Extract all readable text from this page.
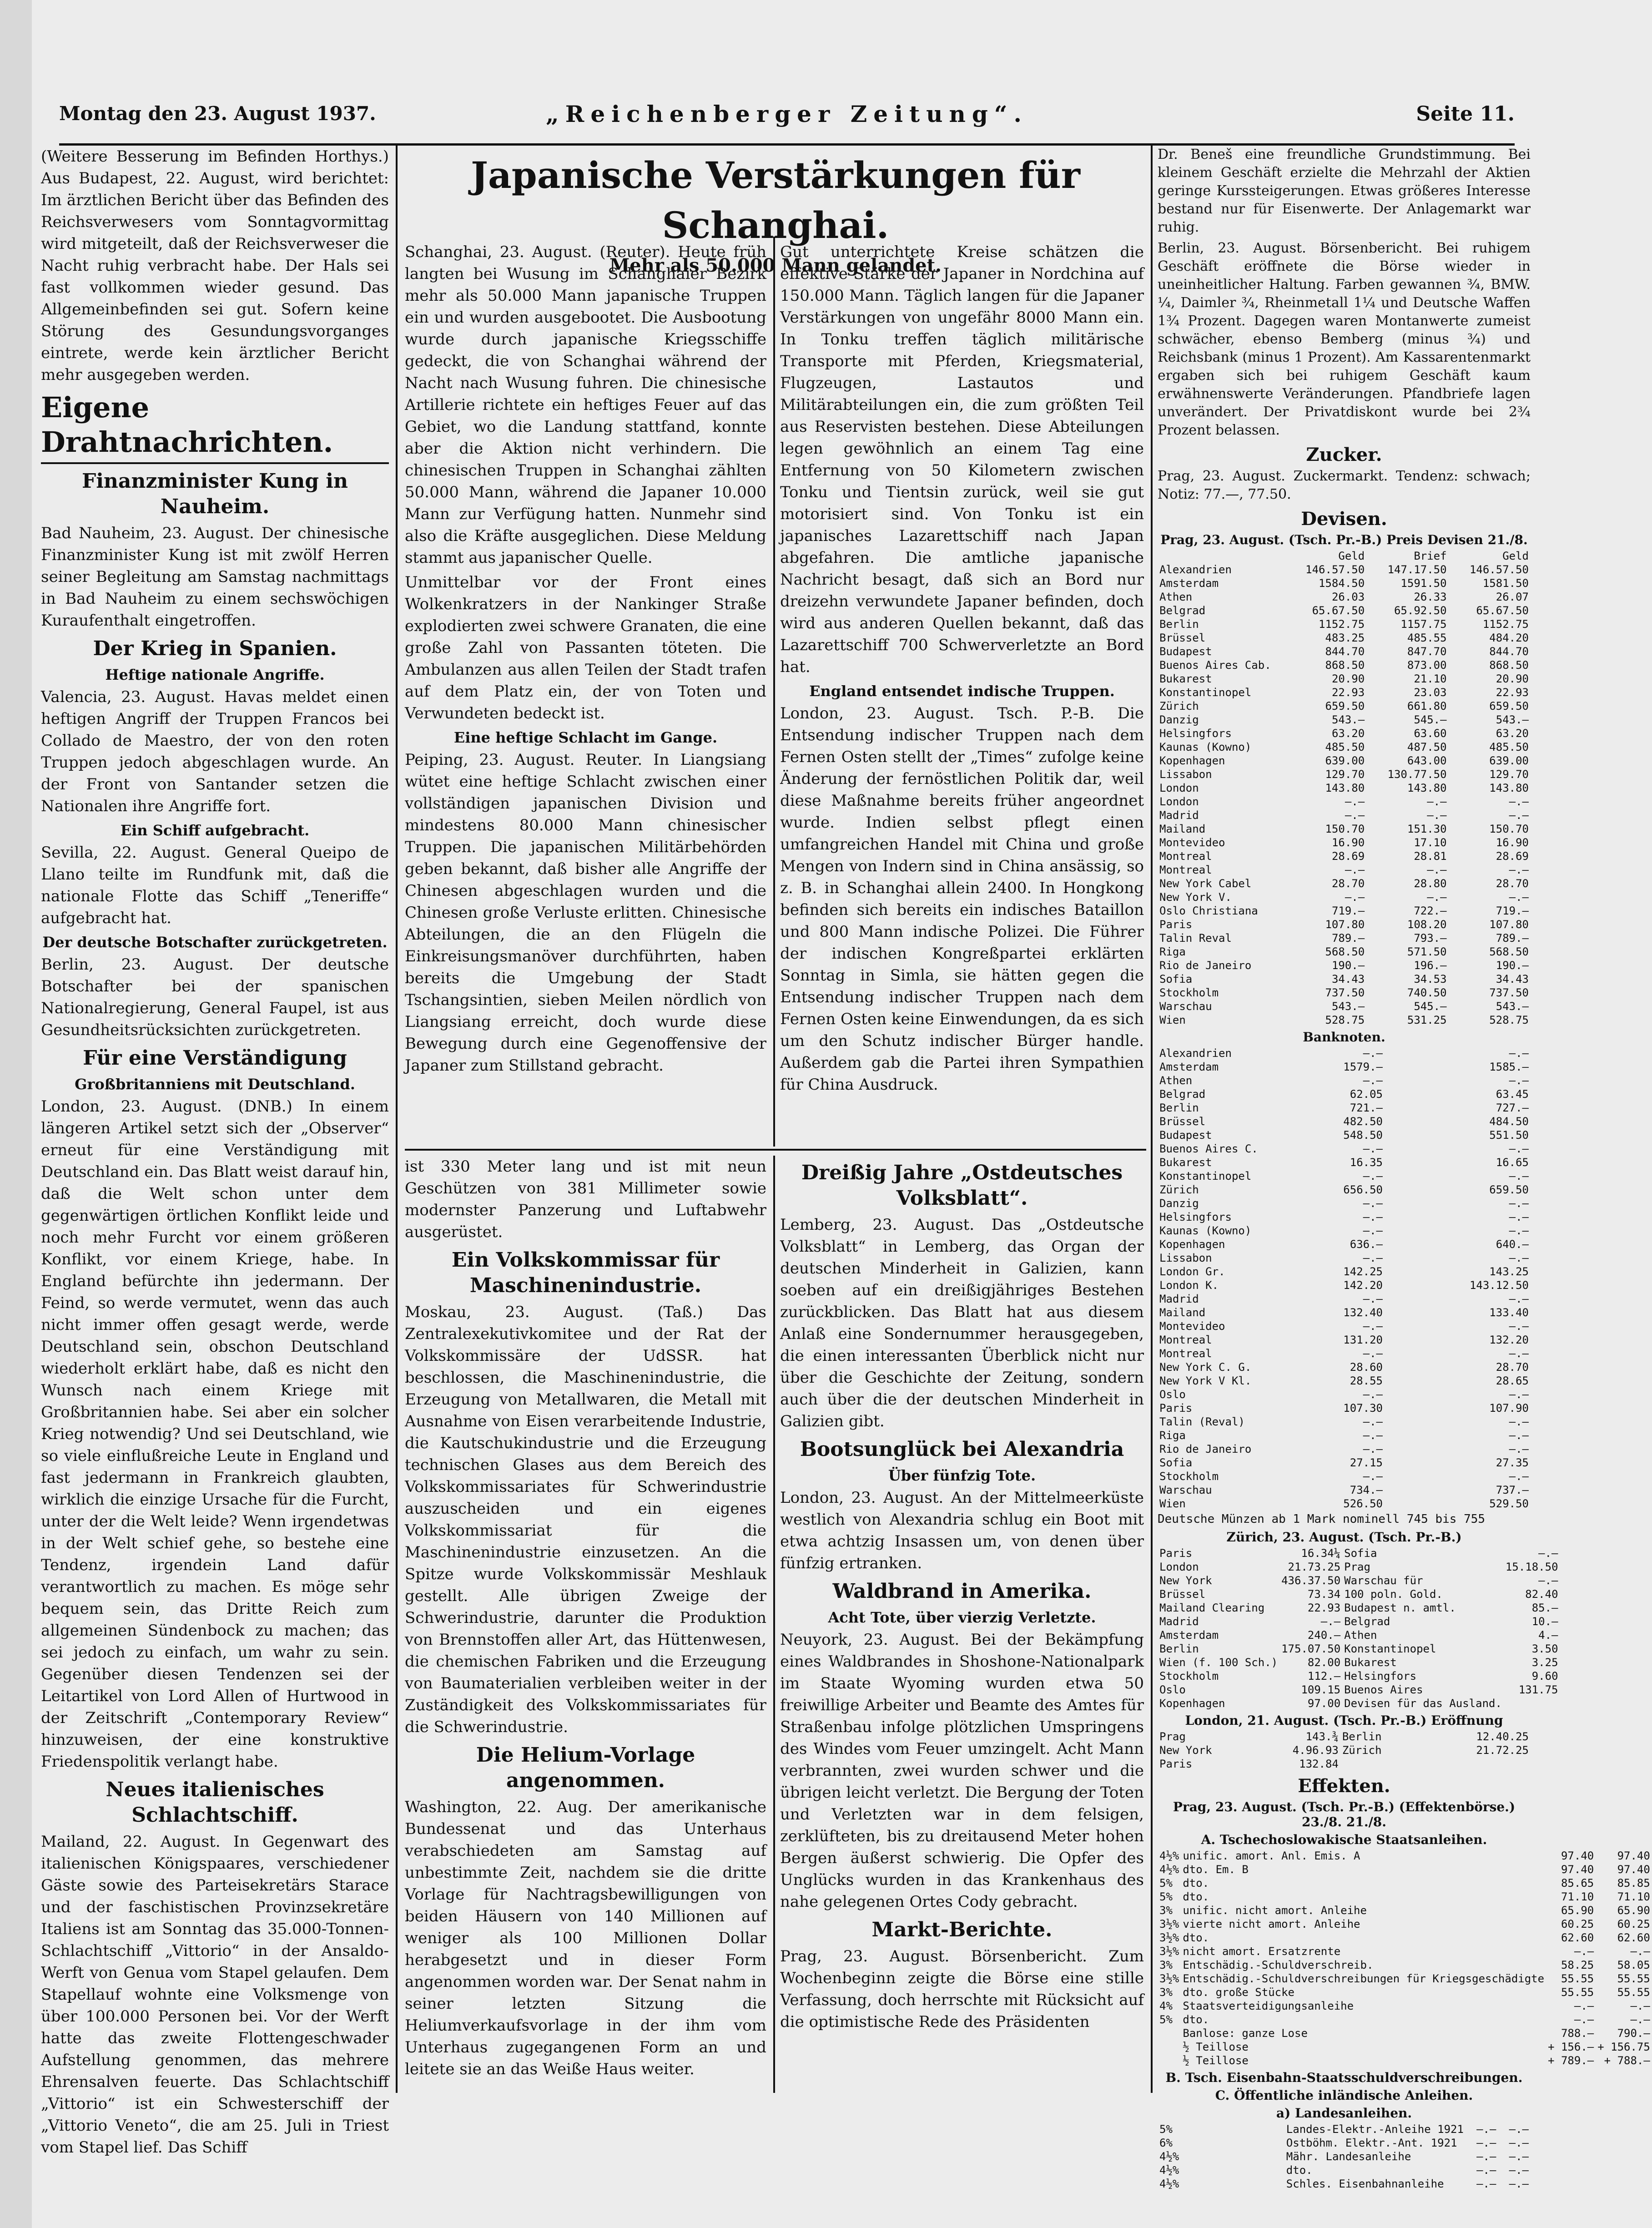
Montag den 23. August 1937.	„Reichenberger Zeitung“.	Seite 11.

(Weitere Besserung im Befinden Horthys.) Aus Budapest, 22. August, wird berichtet: Im ärztlichen Bericht über das Befinden des Reichsverwesers vom Sonntagvormittag wird mitgeteilt, daß der Reichsverweser die Nacht ruhig verbracht habe. Der Hals sei fast vollkommen wieder gesund. Das Allgemeinbefinden sei gut. Sofern keine Störung des Gesundungsvorganges eintrete, werde kein ärztlicher Bericht mehr ausgegeben werden.

Eigene Drahtnachrichten.
Finanzminister Kung in Nauheim.

Bad Nauheim, 23. August. Der chinesische Finanzminister Kung ist mit zwölf Herren seiner Begleitung am Samstag nachmittags in Bad Nauheim zu einem sechswöchigen Kuraufenthalt eingetroffen.

Der Krieg in Spanien.
Heftige nationale Angriffe.

Valencia, 23. August. Havas meldet einen heftigen Angriff der Truppen Francos bei Collado de Maestro, der von den roten Truppen jedoch abgeschlagen wurde. An der Front von Santander setzen die Nationalen ihre Angriffe fort.

Ein Schiff aufgebracht.

Sevilla, 22. August. General Queipo de Llano teilte im Rundfunk mit, daß die nationale Flotte das Schiff „Teneriffe“ aufgebracht hat.

Der deutsche Botschafter zurückgetreten.

Berlin, 23. August. Der deutsche Botschafter bei der spanischen Nationalregierung, General Faupel, ist aus Gesundheitsrücksichten zurückgetreten.

Für eine Verständigung
Großbritanniens mit Deutschland.

London, 23. August. (DNB.) In einem längeren Artikel setzt sich der „Observer“ erneut für eine Verständigung mit Deutschland ein. Das Blatt weist darauf hin, daß die Welt schon unter dem gegenwärtigen örtlichen Konflikt leide und noch mehr Furcht vor einem größeren Konflikt, vor einem Kriege, habe. In England befürchte ihn jedermann. Der Feind, so werde vermutet, wenn das auch nicht immer offen gesagt werde, werde Deutschland sein, obschon Deutschland wiederholt erklärt habe, daß es nicht den Wunsch nach einem Kriege mit Großbritannien habe. Sei aber ein solcher Krieg notwendig? Und sei Deutschland, wie so viele einflußreiche Leute in England und fast jedermann in Frankreich glaubten, wirklich die einzige Ursache für die Furcht, unter der die Welt leide? Wenn irgendetwas in der Welt schief gehe, so bestehe eine Tendenz, irgendein Land dafür verantwortlich zu machen. Es möge sehr bequem sein, das Dritte Reich zum allgemeinen Sündenbock zu machen; das sei jedoch zu einfach, um wahr zu sein. Gegenüber diesen Tendenzen sei der Leitartikel von Lord Allen of Hurtwood in der Zeitschrift „Contemporary Review“ hinzuweisen, der eine konstruktive Friedenspolitik verlangt habe.

Neues italienisches Schlachtschiff.

Mailand, 22. August. In Gegenwart des italienischen Königspaares, verschiedener Gäste sowie des Parteisekretärs Starace und der faschistischen Provinzsekretäre Italiens ist am Sonntag das 35.000-Tonnen-Schlachtschiff „Vittorio“ in der Ansaldo-Werft von Genua vom Stapel gelaufen. Dem Stapellauf wohnte eine Volksmenge von über 100.000 Personen bei. Vor der Werft hatte das zweite Flottengeschwader Aufstellung genommen, das mehrere Ehrensalven feuerte. Das Schlachtschiff „Vittorio“ ist ein Schwesterschiff der „Vittorio Veneto“, die am 25. Juli in Triest vom Stapel lief. Das Schiff

Japanische Verstärkungen für Schanghai.
Mehr als 50.000 Mann gelandet.

Schanghai, 23. August. (Reuter). Heute früh langten bei Wusung im Schanghaier Bezirk mehr als 50.000 Mann japanische Truppen ein und wurden ausgebootet. Die Ausbootung wurde durch japanische Kriegsschiffe gedeckt, die von Schanghai während der Nacht nach Wusung fuhren. Die chinesische Artillerie richtete ein heftiges Feuer auf das Gebiet, wo die Landung stattfand, konnte aber die Aktion nicht verhindern. Die chinesischen Truppen in Schanghai zählten 50.000 Mann, während die Japaner 10.000 Mann zur Verfügung hatten. Nunmehr sind also die Kräfte ausgeglichen. Diese Meldung stammt aus japanischer Quelle.

Unmittelbar vor der Front eines Wolkenkratzers in der Nankinger Straße explodierten zwei schwere Granaten, die eine große Zahl von Passanten töteten. Die Ambulanzen aus allen Teilen der Stadt trafen auf dem Platz ein, der von Toten und Verwundeten bedeckt ist.

Eine heftige Schlacht im Gange.

Peiping, 23. August. Reuter. In Liangsiang wütet eine heftige Schlacht zwischen einer vollständigen japanischen Division und mindestens 80.000 Mann chinesischer Truppen. Die japanischen Militärbehörden geben bekannt, daß bisher alle Angriffe der Chinesen abgeschlagen wurden und die Chinesen große Verluste erlitten. Chinesische Abteilungen, die an den Flügeln die Einkreisungsmanöver durchführten, haben bereits die Umgebung der Stadt Tschangsintien, sieben Meilen nördlich von Liangsiang erreicht, doch wurde diese Bewegung durch eine Gegenoffensive der Japaner zum Stillstand gebracht.

Gut unterrichtete Kreise schätzen die effektive Stärke der Japaner in Nordchina auf 150.000 Mann. Täglich langen für die Japaner Verstärkungen von ungefähr 8000 Mann ein. In Tonku treffen täglich militärische Transporte mit Pferden, Kriegsmaterial, Flugzeugen, Lastautos und Militärabteilungen ein, die zum größten Teil aus Reservisten bestehen. Diese Abteilungen legen gewöhnlich an einem Tag eine Entfernung von 50 Kilometern zwischen Tonku und Tientsin zurück, weil sie gut motorisiert sind. Von Tonku ist ein japanisches Lazarettschiff nach Japan abgefahren. Die amtliche japanische Nachricht besagt, daß sich an Bord nur dreizehn verwundete Japaner befinden, doch wird aus anderen Quellen bekannt, daß das Lazarettschiff 700 Schwerverletzte an Bord hat.

England entsendet indische Truppen.

London, 23. August. Tsch. P.-B. Die Entsendung indischer Truppen nach dem Fernen Osten stellt der „Times“ zufolge keine Änderung der fernöstlichen Politik dar, weil diese Maßnahme bereits früher angeordnet wurde. Indien selbst pflegt einen umfangreichen Handel mit China und große Mengen von Indern sind in China ansässig, so z. B. in Schanghai allein 2400. In Hongkong befinden sich bereits ein indisches Bataillon und 800 Mann indische Polizei. Die Führer der indischen Kongreßpartei erklärten Sonntag in Simla, sie hätten gegen die Entsendung indischer Truppen nach dem Fernen Osten keine Einwendungen, da es sich um den Schutz indischer Bürger handle. Außerdem gab die Partei ihren Sympathien für China Ausdruck.

ist 330 Meter lang und ist mit neun Geschützen von 381 Millimeter sowie modernster Panzerung und Luftabwehr ausgerüstet.

Ein Volkskommissar für Maschinenindustrie.

Moskau, 23. August. (Taß.) Das Zentralexekutivkomitee und der Rat der Volkskommissäre der UdSSR. hat beschlossen, die Maschinenindustrie, die Erzeugung von Metallwaren, die Metall mit Ausnahme von Eisen verarbeitende Industrie, die Kautschukindustrie und die Erzeugung technischen Glases aus dem Bereich des Volkskommissariates für Schwerindustrie auszuscheiden und ein eigenes Volkskommissariat für die Maschinenindustrie einzusetzen. An die Spitze wurde Volkskommissär Meshlauk gestellt. Alle übrigen Zweige der Schwerindustrie, darunter die Produktion von Brennstoffen aller Art, das Hüttenwesen, die chemischen Fabriken und die Erzeugung von Baumaterialien verbleiben weiter in der Zuständigkeit des Volkskommissariates für die Schwerindustrie.

Die Helium-Vorlage angenommen.

Washington, 22. Aug. Der amerikanische Bundessenat und das Unterhaus verabschiedeten am Samstag auf unbestimmte Zeit, nachdem sie die dritte Vorlage für Nachtragsbewilligungen von beiden Häusern von 140 Millionen auf weniger als 100 Millionen Dollar herabgesetzt und in dieser Form angenommen worden war. Der Senat nahm in seiner letzten Sitzung die Heliumverkaufsvorlage in der ihm vom Unterhaus zugegangenen Form an und leitete sie an das Weiße Haus weiter.

Dreißig Jahre „Ostdeutsches Volksblatt“.

Lemberg, 23. August. Das „Ostdeutsche Volksblatt“ in Lemberg, das Organ der deutschen Minderheit in Galizien, kann soeben auf ein dreißigjähriges Bestehen zurückblicken. Das Blatt hat aus diesem Anlaß eine Sondernummer herausgegeben, die einen interessanten Überblick nicht nur über die Geschichte der Zeitung, sondern auch über die der deutschen Minderheit in Galizien gibt.

Bootsunglück bei Alexandria
Über fünfzig Tote.

London, 23. August. An der Mittelmeerküste westlich von Alexandria schlug ein Boot mit etwa achtzig Insassen um, von denen über fünfzig ertranken.

Waldbrand in Amerika.
Acht Tote, über vierzig Verletzte.

Neuyork, 23. August. Bei der Bekämpfung eines Waldbrandes in Shoshone-Nationalpark im Staate Wyoming wurden etwa 50 freiwillige Arbeiter und Beamte des Amtes für Straßenbau infolge plötzlichen Umspringens des Windes vom Feuer umzingelt. Acht Mann verbrannten, zwei wurden schwer und die übrigen leicht verletzt. Die Bergung der Toten und Verletzten war in dem felsigen, zerklüfteten, bis zu dreitausend Meter hohen Bergen äußerst schwierig. Die Opfer des Unglücks wurden in das Krankenhaus des nahe gelegenen Ortes Cody gebracht.

Markt-Berichte.

Prag, 23. August. Börsenbericht. Zum Wochenbeginn zeigte die Börse eine stille Verfassung, doch herrschte mit Rücksicht auf die optimistische Rede des Präsidenten

Dr. Beneš eine freundliche Grundstimmung. Bei kleinem Geschäft erzielte die Mehrzahl der Aktien geringe Kurssteigerungen. Etwas größeres Interesse bestand nur für Eisenwerte. Der Anlagemarkt war ruhig.

Berlin, 23. August. Börsenbericht. Bei ruhigem Geschäft eröffnete die Börse wieder in uneinheitlicher Haltung. Farben gewannen ¾, BMW. ¼, Daimler ¾, Rheinmetall 1¼ und Deutsche Waffen 1¾ Prozent. Dagegen waren Montanwerte zumeist schwächer, ebenso Bemberg (minus ¾) und Reichsbank (minus 1 Prozent). Am Kassarentenmarkt ergaben sich bei ruhigem Geschäft kaum erwähnenswerte Veränderungen. Pfandbriefe lagen unverändert. Der Privatdiskont wurde bei 2¾ Prozent belassen.

Zucker.

Prag, 23. August. Zuckermarkt. Tendenz: schwach; Notiz: 77.—, 77.50.

Devisen.
Prag, 23. August. (Tsch. Pr.-B.) Preis Devisen 21./8.
	Geld	Brief	Geld
Alexandrien	146.57.50	147.17.50	146.57.50
Amsterdam	1584.50	1591.50	1581.50
Athen	26.03	26.33	26.07
Belgrad	65.67.50	65.92.50	65.67.50
Berlin	1152.75	1157.75	1152.75
Brüssel	483.25	485.55	484.20
Budapest	844.70	847.70	844.70
Buenos Aires Cab.	868.50	873.00	868.50
Bukarest	20.90	21.10	20.90
Konstantinopel	22.93	23.03	22.93
Zürich	659.50	661.80	659.50
Danzig	543.—	545.—	543.—
Helsingfors	63.20	63.60	63.20
Kaunas (Kowno)	485.50	487.50	485.50
Kopenhagen	639.00	643.00	639.00
Lissabon	129.70	130.77.50	129.70
London	143.80	143.80	143.80
London	—.—	—.—	—.—
Madrid	—.—	—.—	—.—
Mailand	150.70	151.30	150.70
Montevideo	16.90	17.10	16.90
Montreal	28.69	28.81	28.69
Montreal	—.—	—.—	—.—
New York Cabel	28.70	28.80	28.70
New York V.	—.—	—.—	—.—
Oslo Christiana	719.—	722.—	719.—
Paris	107.80	108.20	107.80
Talin Reval	789.—	793.—	789.—
Riga	568.50	571.50	568.50
Rio de Janeiro	190.—	196.—	190.—
Sofia	34.43	34.53	34.43
Stockholm	737.50	740.50	737.50
Warschau	543.—	545.—	543.—
Wien	528.75	531.25	528.75
Banknoten.
Alexandrien	—.—	—.—
Amsterdam	1579.—	1585.—
Athen	—.—	—.—
Belgrad	62.05	63.45
Berlin	721.—	727.—
Brüssel	482.50	484.50
Budapest	548.50	551.50
Buenos Aires C.	—.—	—.—
Bukarest	16.35	16.65
Konstantinopel	—.—	—.—
Zürich	656.50	659.50
Danzig	—.—	—.—
Helsingfors	—.—	—.—
Kaunas (Kowno)	—.—	—.—
Kopenhagen	636.—	640.—
Lissabon	—.—	—.—
London Gr.	142.25	143.25
London K.	142.20	143.12.50
Madrid	—.—	—.—
Mailand	132.40	133.40
Montevideo	—.—	—.—
Montreal	131.20	132.20
Montreal	—.—	—.—
New York C. G.	28.60	28.70
New York V Kl.	28.55	28.65
Oslo	—.—	—.—
Paris	107.30	107.90
Talin (Reval)	—.—	—.—
Riga	—.—	—.—
Rio de Janeiro	—.—	—.—
Sofia	27.15	27.35
Stockholm	—.—	—.—
Warschau	734.—	737.—
Wien	526.50	529.50
Deutsche Münzen ab 1 Mark nominell 745 bis 755
Zürich, 23. August. (Tsch. Pr.-B.)
Paris	16.34¼	Sofia	—.—
London	21.73.25	Prag	15.18.50
New York	436.37.50	Warschau für	—.—
Brüssel	73.34	100 poln. Gold.	82.40
Mailand Clearing	22.93	Budapest n. amtl.	85.—
Madrid	—.—	Belgrad	10.—
Amsterdam	240.—	Athen	4.—
Berlin	175.07.50	Konstantinopel	3.50
Wien (f. 100 Sch.)	82.00	Bukarest	3.25
Stockholm	112.—	Helsingfors	9.60
Oslo	109.15	Buenos Aires	131.75
Kopenhagen	97.00	Devisen für das Ausland.	
London, 21. August. (Tsch. Pr.-B.) Eröffnung
Prag	143.¾	Berlin	12.40.25
New York	4.96.93	Zürich	21.72.25
Paris	132.84		
Effekten.
Prag, 23. August. (Tsch. Pr.-B.) (Effektenbörse.) 23./8. 21./8.
A. Tschechoslowakische Staatsanleihen.
4½%	unific. amort. Anl. Emis. A	97.40	97.40
4½%	dto. Em. B	97.40	97.40
5%	dto.	85.65	85.85
5%	dto.	71.10	71.10
3%	unific. nicht amort. Anleihe	65.90	65.90
3½%	vierte nicht amort. Anleihe	60.25	60.25
3½%	dto.	62.60	62.60
3½%	nicht amort. Ersatzrente	—.—	—.—
3%	Entschädig.-Schuldverschreib.	58.25	58.05
3½%	Entschädig.-Schuldverschreibungen für Kriegsgeschädigte	55.55	55.55
3%	dto. große Stücke	55.55	55.55
4%	Staatsverteidigungsanleihe	—.—	—.—
5%	dto.	—.—	—.—
	Banlose: ganze Lose	788.—	790.—
	½ Teillose	+ 156.—	+ 156.75
	½ Teillose	+ 789.—	+ 788.—
B. Tsch. Eisenbahn-Staatsschuldverschreibungen.
C. Öffentliche inländische Anleihen.
a) Landesanleihen.
5%	Landes-Elektr.-Anleihe 1921	—.—	—.—
6%	Ostböhm. Elektr.-Ant. 1921	—.—	—.—
4½%	Mähr. Landesanleihe	—.—	—.—
4½%	dto.	—.—	—.—
4½%	Schles. Eisenbahnanleihe	—.—	—.—
